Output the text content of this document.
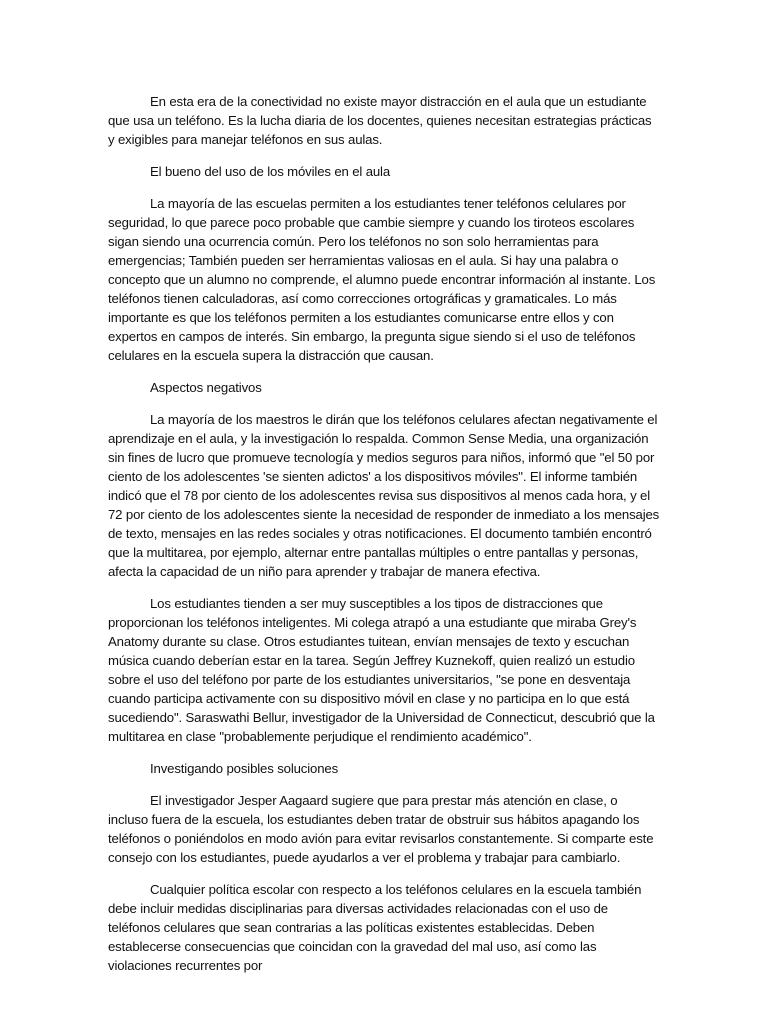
En esta era de la conectividad no existe mayor distracción en el aula que un estudiante que usa un teléfono. Es la lucha diaria de los docentes, quienes necesitan estrategias prácticas y exigibles para manejar teléfonos en sus aulas.

El bueno del uso de los móviles en el aula

La mayoría de las escuelas permiten a los estudiantes tener teléfonos celulares por seguridad, lo que parece poco probable que cambie siempre y cuando los tiroteos escolares sigan siendo una ocurrencia común. Pero los teléfonos no son solo herramientas para emergencias; También pueden ser herramientas valiosas en el aula. Si hay una palabra o concepto que un alumno no comprende, el alumno puede encontrar información al instante. Los teléfonos tienen calculadoras, así como correcciones ortográficas y gramaticales. Lo más importante es que los teléfonos permiten a los estudiantes comunicarse entre ellos y con expertos en campos de interés. Sin embargo, la pregunta sigue siendo si el uso de teléfonos celulares en la escuela supera la distracción que causan.

Aspectos negativos

La mayoría de los maestros le dirán que los teléfonos celulares afectan negativamente el aprendizaje en el aula, y la investigación lo respalda. Common Sense Media, una organización sin fines de lucro que promueve tecnología y medios seguros para niños, informó que "el 50 por ciento de los adolescentes 'se sienten adictos' a los dispositivos móviles". El informe también indicó que el 78 por ciento de los adolescentes revisa sus dispositivos al menos cada hora, y el 72 por ciento de los adolescentes siente la necesidad de responder de inmediato a los mensajes de texto, mensajes en las redes sociales y otras notificaciones. El documento también encontró que la multitarea, por ejemplo, alternar entre pantallas múltiples o entre pantallas y personas, afecta la capacidad de un niño para aprender y trabajar de manera efectiva.

Los estudiantes tienden a ser muy susceptibles a los tipos de distracciones que proporcionan los teléfonos inteligentes. Mi colega atrapó a una estudiante que miraba Grey's Anatomy durante su clase. Otros estudiantes tuitean, envían mensajes de texto y escuchan música cuando deberían estar en la tarea. Según Jeffrey Kuznekoff, quien realizó un estudio sobre el uso del teléfono por parte de los estudiantes universitarios, "se pone en desventaja cuando participa activamente con su dispositivo móvil en clase y no participa en lo que está sucediendo". Saraswathi Bellur, investigador de la Universidad de Connecticut, descubrió que la multitarea en clase "probablemente perjudique el rendimiento académico".

Investigando posibles soluciones

El investigador Jesper Aagaard sugiere que para prestar más atención en clase, o incluso fuera de la escuela, los estudiantes deben tratar de obstruir sus hábitos apagando los teléfonos o poniéndolos en modo avión para evitar revisarlos constantemente. Si comparte este consejo con los estudiantes, puede ayudarlos a ver el problema y trabajar para cambiarlo.

Cualquier política escolar con respecto a los teléfonos celulares en la escuela también debe incluir medidas disciplinarias para diversas actividades relacionadas con el uso de teléfonos celulares que sean contrarias a las políticas existentes establecidas. Deben establecerse consecuencias que coincidan con la gravedad del mal uso, así como las violaciones recurrentes por
